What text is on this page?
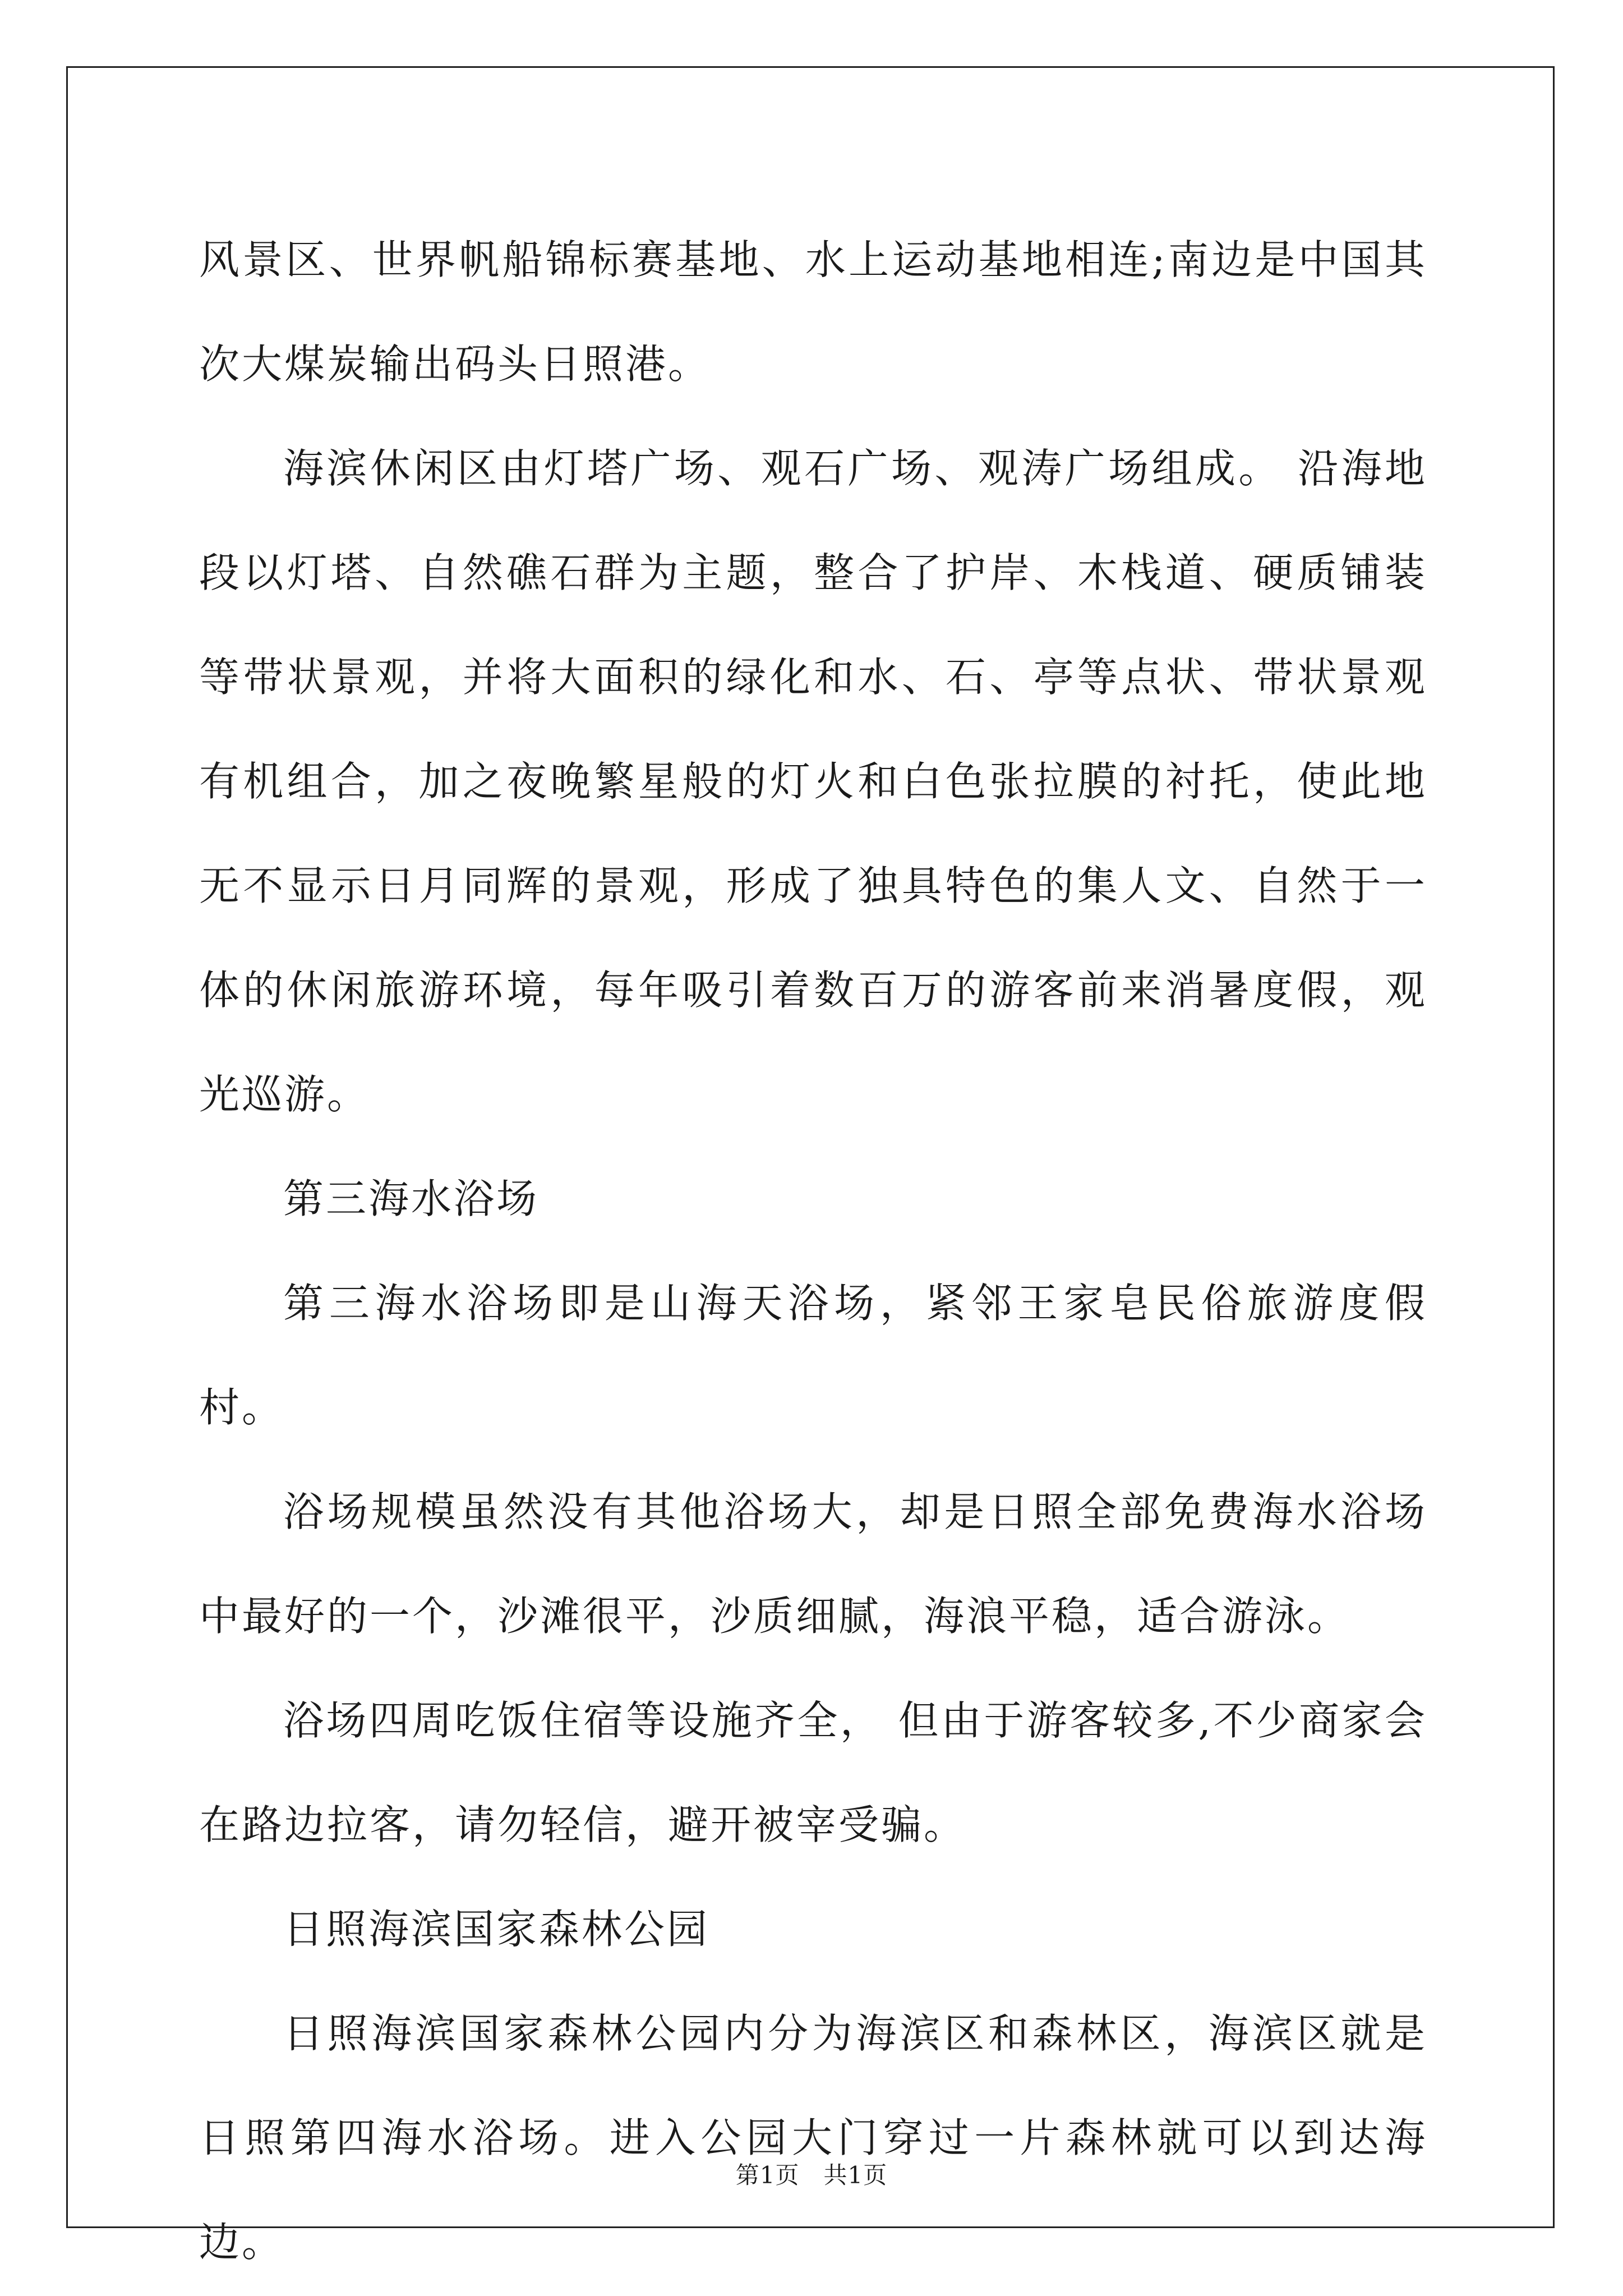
风景区、世界帆船锦标赛基地、水上运动基地相连;南边是中国其次大煤炭输出码头日照港。

海滨休闲区由灯塔广场、观石广场、观涛广场组成。 沿海地段以灯塔、自然礁石群为主题，整合了护岸、木栈道、硬质铺装等带状景观，并将大面积的绿化和水、石、亭等点状、带状景观有机组合，加之夜晚繁星般的灯火和白色张拉膜的衬托，使此地无不显示日月同辉的景观，形成了独具特色的集人文、自然于一体的休闲旅游环境，每年吸引着数百万的游客前来消暑度假，观光巡游。

第三海水浴场

第三海水浴场即是山海天浴场，紧邻王家皂民俗旅游度假村。

浴场规模虽然没有其他浴场大，却是日照全部免费海水浴场中最好的一个，沙滩很平，沙质细腻，海浪平稳，适合游泳。

浴场四周吃饭住宿等设施齐全， 但由于游客较多,不少商家会在路边拉客，请勿轻信，避开被宰受骗。

日照海滨国家森林公园

日照海滨国家森林公园内分为海滨区和森林区，海滨区就是日照第四海水浴场。进入公园大门穿过一片森林就可以到达海边。

第1页　共1页
